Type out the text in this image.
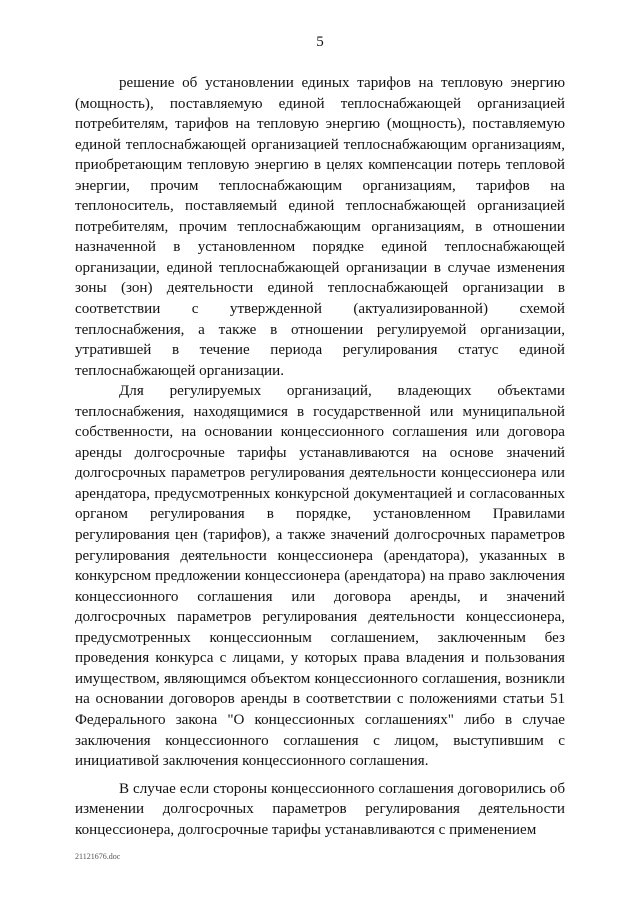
5

решение об установлении единых тарифов на тепловую энергию (мощность), поставляемую единой теплоснабжающей организацией потребителям, тарифов на тепловую энергию (мощность), поставляемую единой теплоснабжающей организацией теплоснабжающим организациям, приобретающим тепловую энергию в целях компенсации потерь тепловой энергии, прочим теплоснабжающим организациям, тарифов на теплоноситель, поставляемый единой теплоснабжающей организацией потребителям, прочим теплоснабжающим организациям, в отношении назначенной в установленном порядке единой теплоснабжающей организации, единой теплоснабжающей организации в случае изменения зоны (зон) деятельности единой теплоснабжающей организации в соответствии с утвержденной (актуализированной) схемой теплоснабжения, а также в отношении регулируемой организации, утратившей в течение периода регулирования статус единой теплоснабжающей организации.

Для регулируемых организаций, владеющих объектами теплоснабжения, находящимися в государственной или муниципальной собственности, на основании концессионного соглашения или договора аренды долгосрочные тарифы устанавливаются на основе значений долгосрочных параметров регулирования деятельности концессионера или арендатора, предусмотренных конкурсной документацией и согласованных органом регулирования в порядке, установленном Правилами регулирования цен (тарифов), а также значений долгосрочных параметров регулирования деятельности концессионера (арендатора), указанных в конкурсном предложении концессионера (арендатора) на право заключения концессионного соглашения или договора аренды, и значений долгосрочных параметров регулирования деятельности концессионера, предусмотренных концессионным соглашением, заключенным без проведения конкурса с лицами, у которых права владения и пользования имуществом, являющимся объектом концессионного соглашения, возникли на основании договоров аренды в соответствии с положениями статьи 51 Федерального закона "О концессионных соглашениях" либо в случае заключения концессионного соглашения с лицом, выступившим с инициативой заключения концессионного соглашения.

В случае если стороны концессионного соглашения договорились об изменении долгосрочных параметров регулирования деятельности концессионера, долгосрочные тарифы устанавливаются с применением

21121676.doc
